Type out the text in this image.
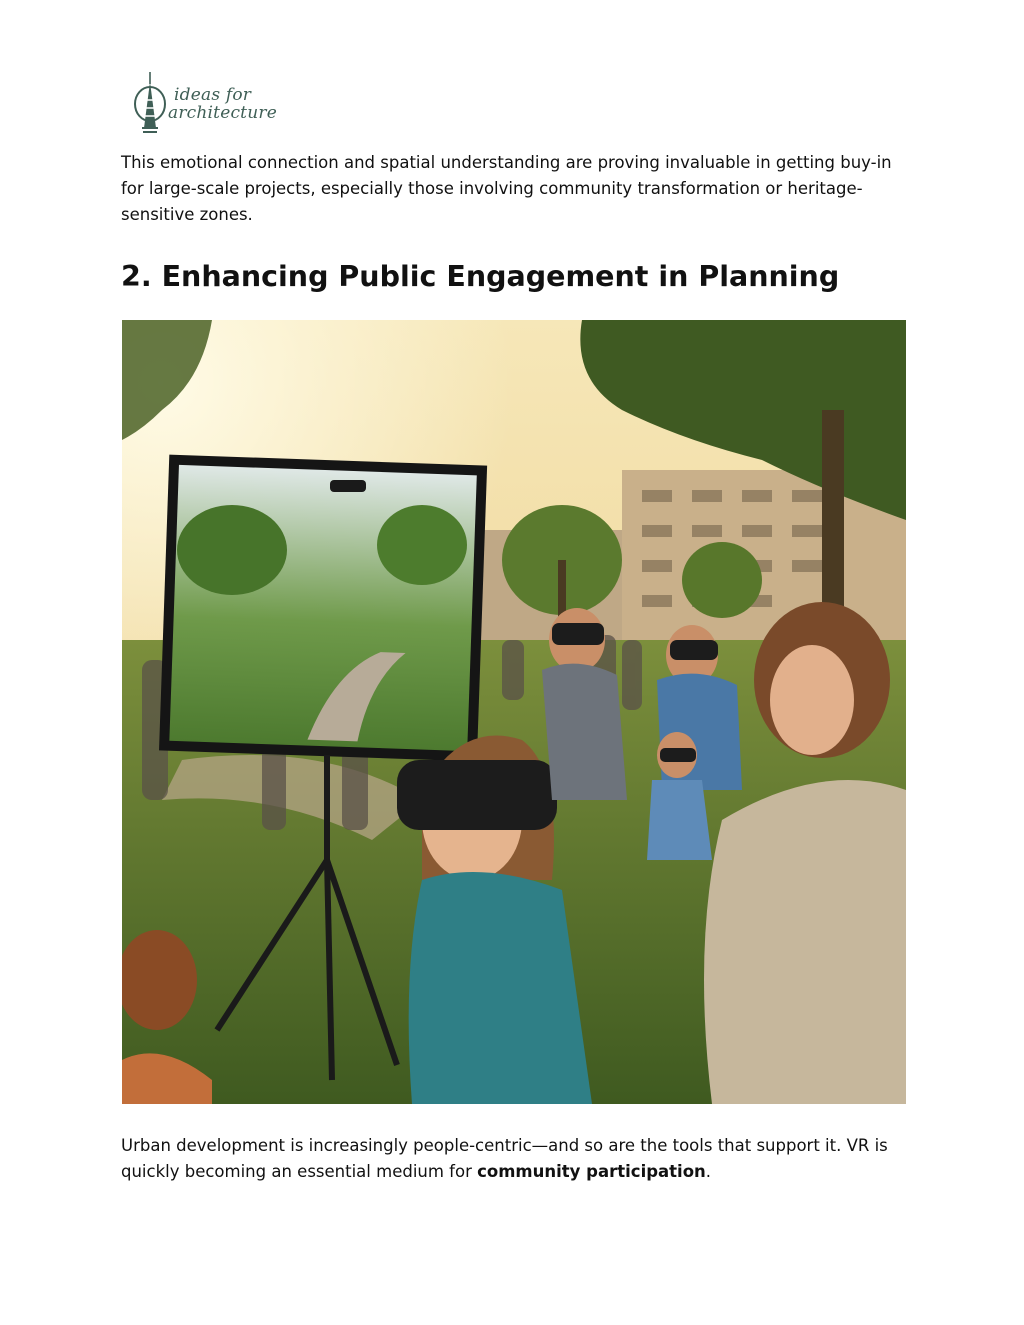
ideas for
architecture

This emotional connection and spatial understanding are proving invaluable in getting buy-in for large-scale projects, especially those involving community transformation or heritage-sensitive zones.

2. Enhancing Public Engagement in Planning

Urban development is increasingly people-centric—and so are the tools that support it. VR is quickly becoming an essential medium for community participation.
